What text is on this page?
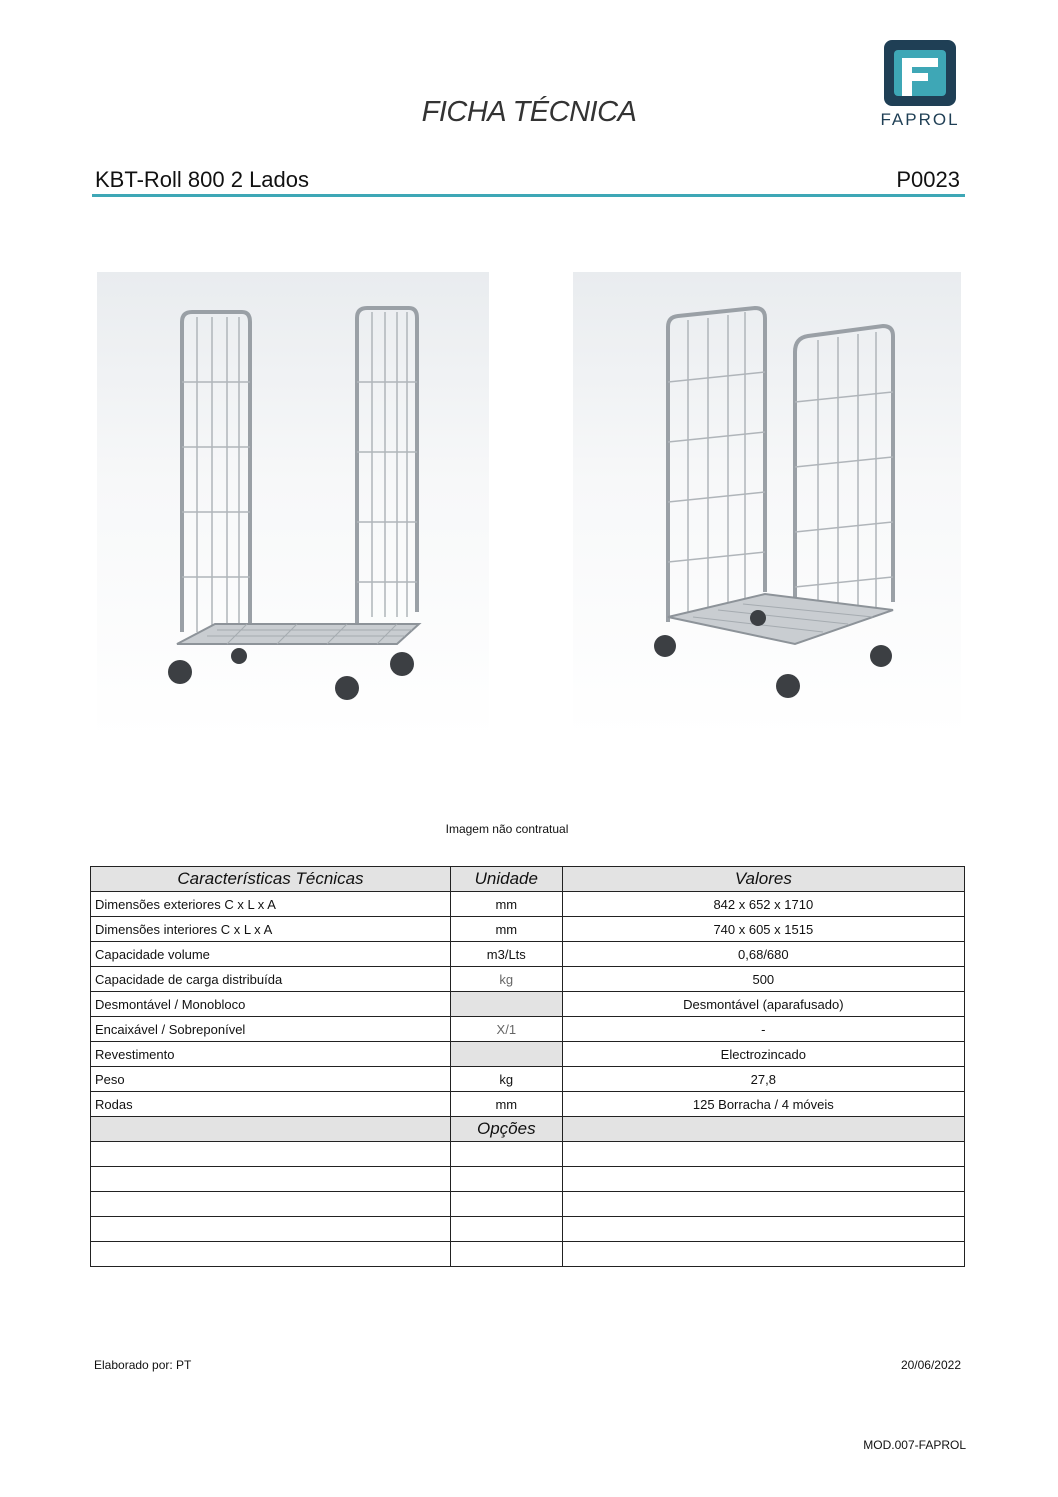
FICHA TÉCNICA	FAPROL
KBT-Roll 800 2 Lados	P0023
Imagem não contratual
Características Técnicas	Unidade	Valores
Dimensões exteriores C x L x A	mm	842 x 652 x 1710
Dimensões interiores C x L x A	mm	740 x 605 x 1515
Capacidade volume	m3/Lts	0,68/680
Capacidade de carga distribuída	kg	500
Desmontável / Monobloco		Desmontável (aparafusado)
Encaixável / Sobreponível	X/1	-
Revestimento		Electrozincado
Peso	kg	27,8
Rodas	mm	125 Borracha / 4 móveis
	Opções	

Elaborado por: PT	20/06/2022
MOD.007-FAPROL
